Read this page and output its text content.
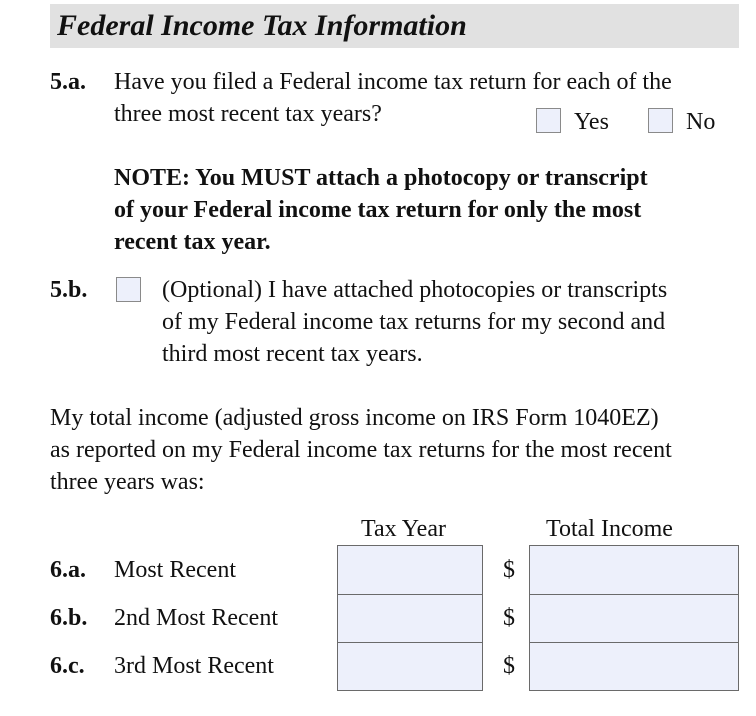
Federal Income Tax Information
5.a. Have you filed a Federal income tax return for each of the
three most recent tax years?	Yes	No
NOTE: You MUST attach a photocopy or transcript
of your Federal income tax return for only the most
recent tax year.
5.b.	(Optional) I have attached photocopies or transcripts
of my Federal income tax returns for my second and
third most recent tax years.
My total income (adjusted gross income on IRS Form 1040EZ)
as reported on my Federal income tax returns for the most recent
three years was:
Tax Year	Total Income
6.a. Most Recent	$
6.b. 2nd Most Recent	$
6.c. 3rd Most Recent	$
